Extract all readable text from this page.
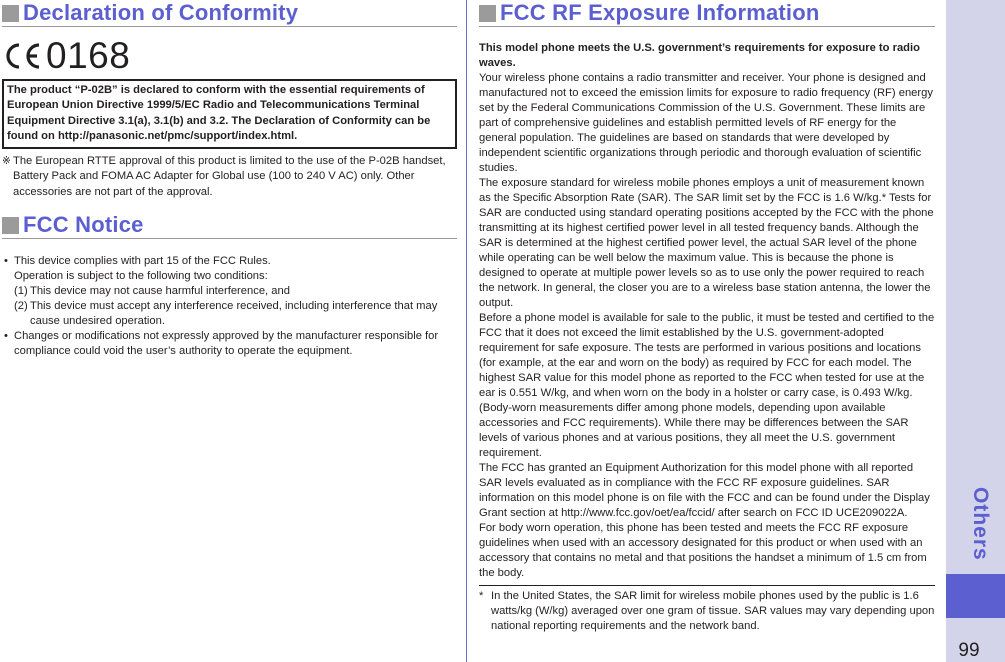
Declaration of Conformity
0168
The product “P-02B” is declared to conform with the essential requirements of European Union Directive 1999/5/EC Radio and Telecommunications Terminal Equipment Directive 3.1(a), 3.1(b) and 3.2. The Declaration of Conformity can be found on http://panasonic.net/pmc/support/index.html.
※ The European RTTE approval of this product is limited to the use of the P-02B handset, Battery Pack and FOMA AC Adapter for Global use (100 to 240 V AC) only. Other accessories are not part of the approval.
FCC Notice
• This device complies with part 15 of the FCC Rules.
Operation is subject to the following two conditions:
(1) This device may not cause harmful interference, and
(2) This device must accept any interference received, including interference that may cause undesired operation.
• Changes or modifications not expressly approved by the manufacturer responsible for compliance could void the user’s authority to operate the equipment.
FCC RF Exposure Information

This model phone meets the U.S. government’s requirements for exposure to radio waves.

Your wireless phone contains a radio transmitter and receiver. Your phone is designed and manufactured not to exceed the emission limits for exposure to radio frequency (RF) energy set by the Federal Communications Commission of the U.S. Government. These limits are part of comprehensive guidelines and establish permitted levels of RF energy for the general population. The guidelines are based on standards that were developed by independent scientific organizations through periodic and thorough evaluation of scientific studies.

The exposure standard for wireless mobile phones employs a unit of measurement known as the Specific Absorption Rate (SAR). The SAR limit set by the FCC is 1.6 W/kg.* Tests for SAR are conducted using standard operating positions accepted by the FCC with the phone transmitting at its highest certified power level in all tested frequency bands. Although the SAR is determined at the highest certified power level, the actual SAR level of the phone while operating can be well below the maximum value. This is because the phone is designed to operate at multiple power levels so as to use only the power required to reach the network. In general, the closer you are to a wireless base station antenna, the lower the output.

Before a phone model is available for sale to the public, it must be tested and certified to the FCC that it does not exceed the limit established by the U.S. government-adopted requirement for safe exposure. The tests are performed in various positions and locations (for example, at the ear and worn on the body) as required by FCC for each model. The highest SAR value for this model phone as reported to the FCC when tested for use at the ear is 0.551 W/kg, and when worn on the body in a holster or carry case, is 0.493 W/kg. (Body-worn measurements differ among phone models, depending upon available accessories and FCC requirements). While there may be differences between the SAR levels of various phones and at various positions, they all meet the U.S. government requirement.

The FCC has granted an Equipment Authorization for this model phone with all reported SAR levels evaluated as in compliance with the FCC RF exposure guidelines. SAR information on this model phone is on file with the FCC and can be found under the Display Grant section at http://www.fcc.gov/oet/ea/fccid/ after search on FCC ID UCE209022A.

For body worn operation, this phone has been tested and meets the FCC RF exposure guidelines when used with an accessory designated for this product or when used with an accessory that contains no metal and that positions the handset a minimum of 1.5 cm from the body.

* In the United States, the SAR limit for wireless mobile phones used by the public is 1.6 watts/kg (W/kg) averaged over one gram of tissue. SAR values may vary depending upon national reporting requirements and the network band.
Others
99
